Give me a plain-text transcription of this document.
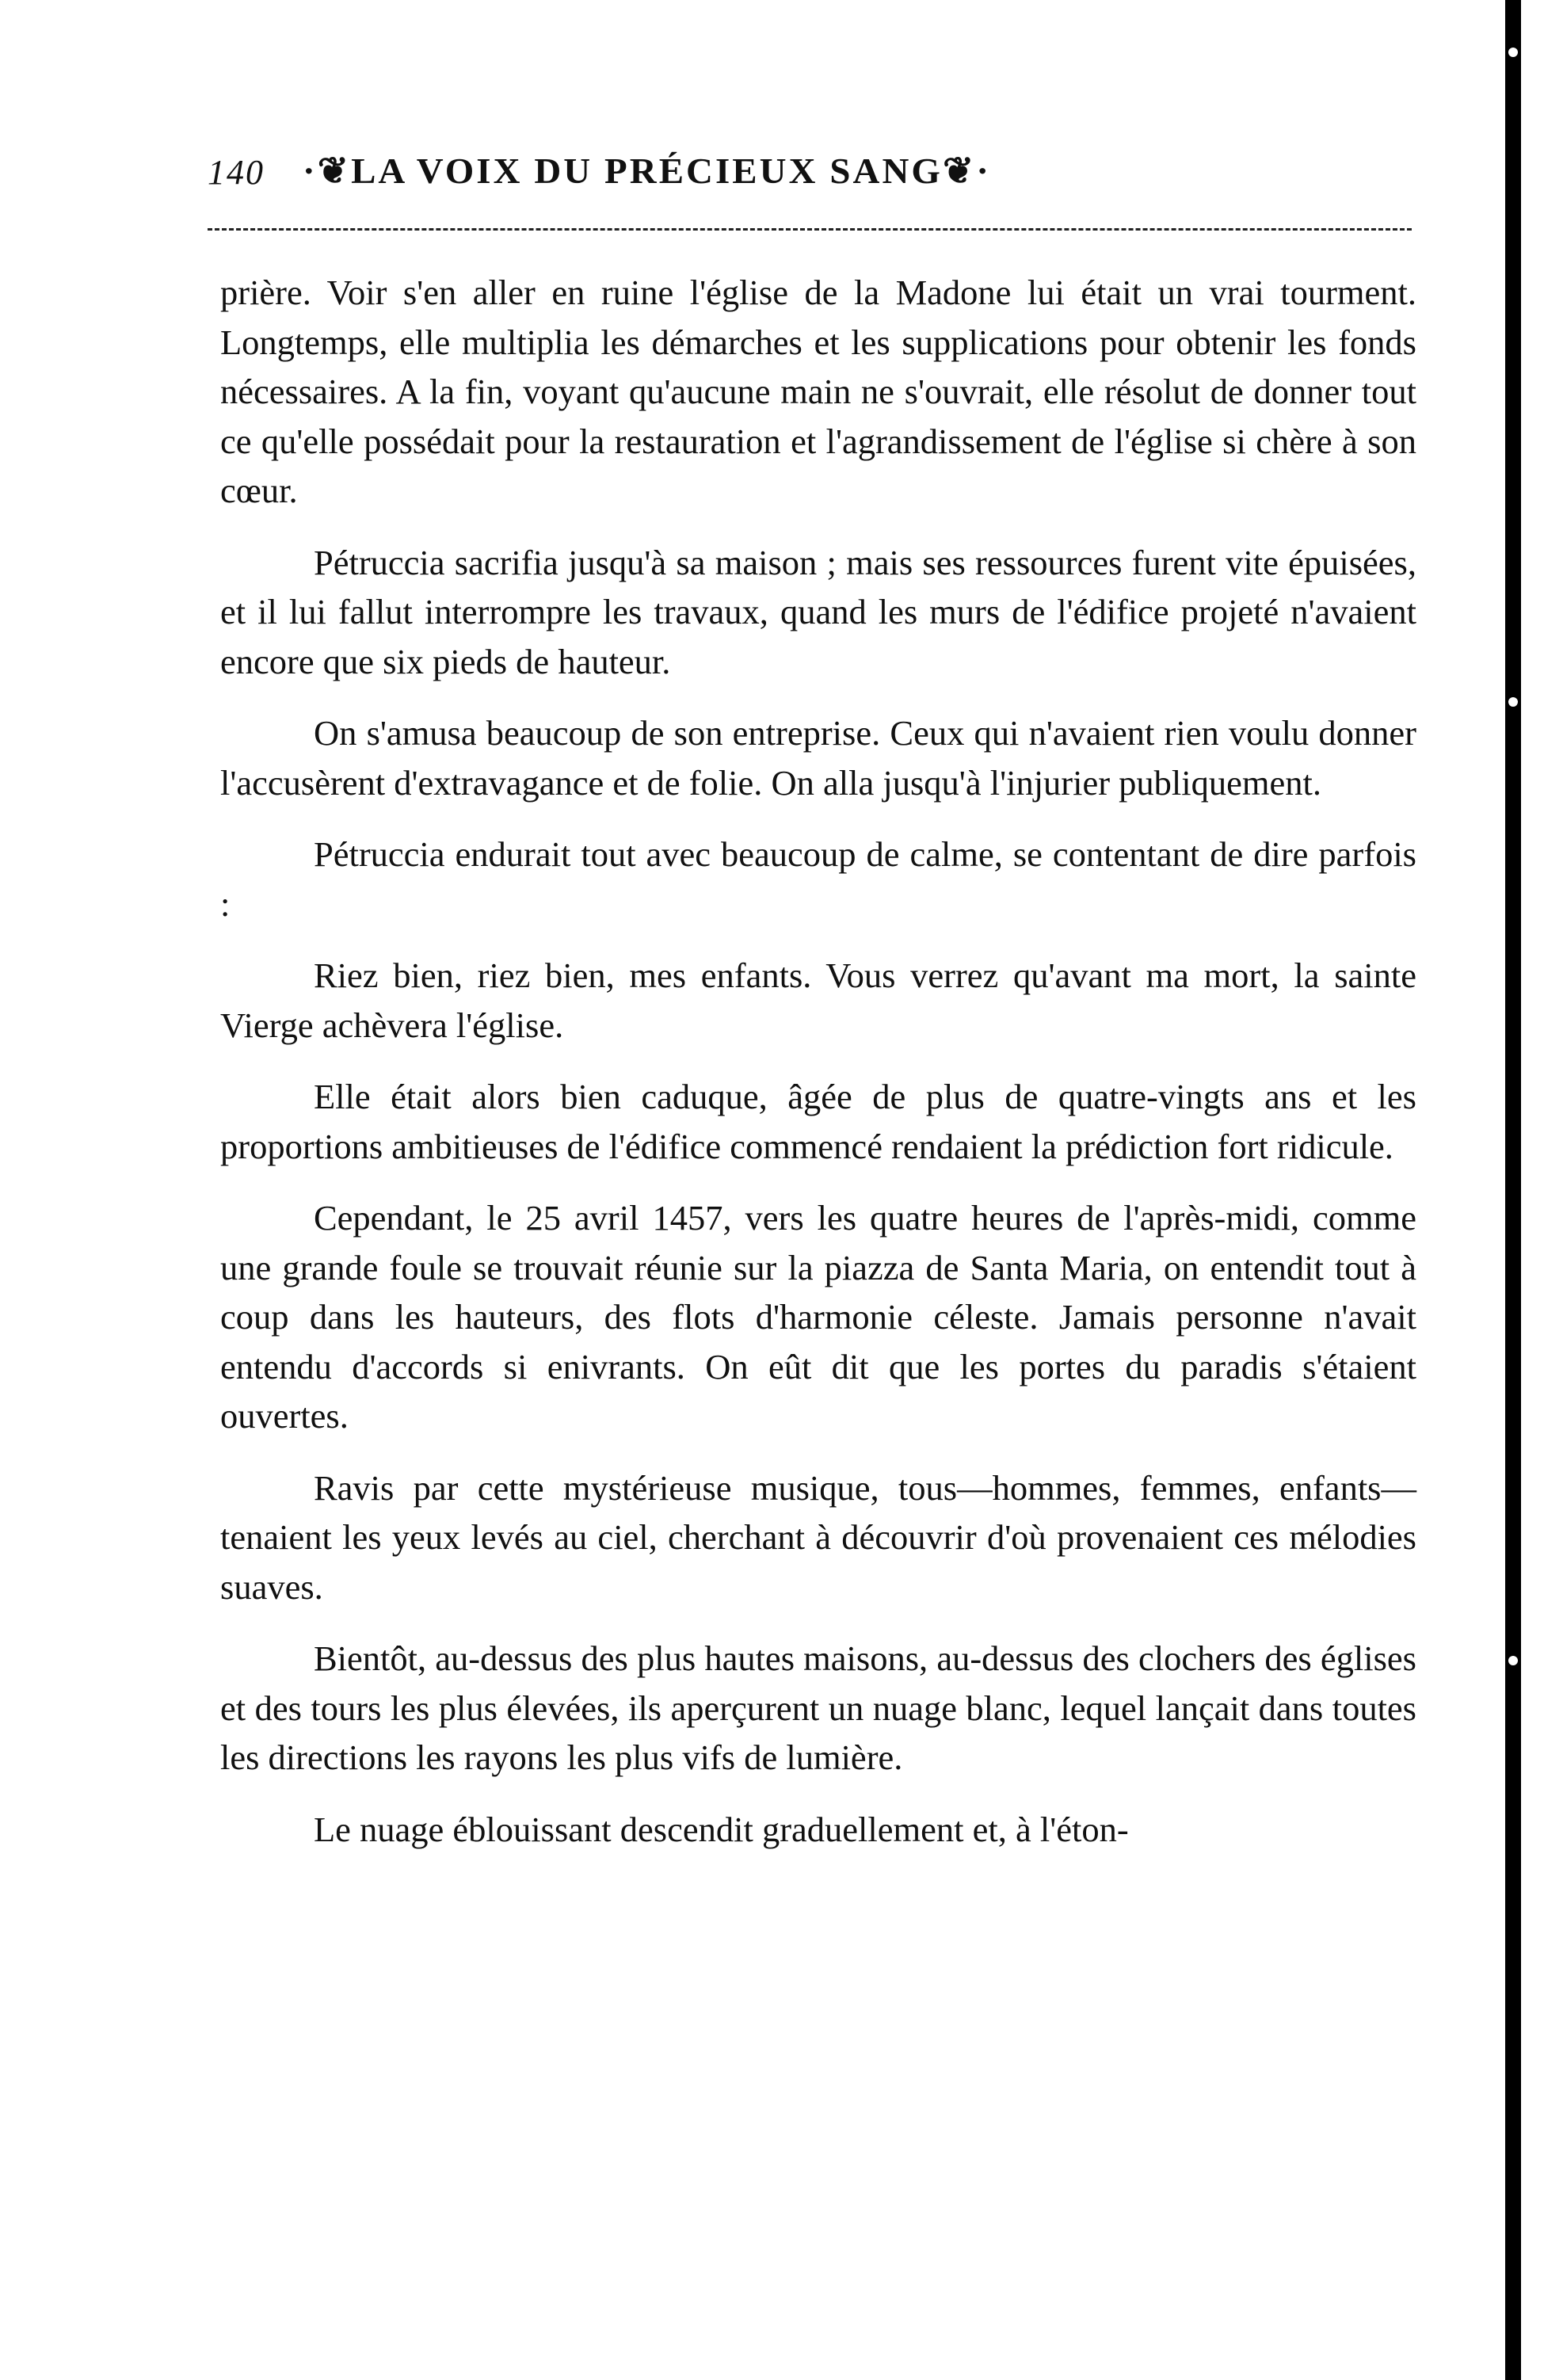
140 ·❦LA VOIX DU PRÉCIEUX SANG❦·

prière. Voir s'en aller en ruine l'église de la Madone lui était un vrai tourment. Longtemps, elle multiplia les démarches et les supplications pour obtenir les fonds nécessaires. A la fin, voyant qu'aucune main ne s'ouvrait, elle résolut de donner tout ce qu'elle possédait pour la restauration et l'agrandissement de l'église si chère à son cœur.

Pétruccia sacrifia jusqu'à sa maison ; mais ses ressources furent vite épuisées, et il lui fallut interrompre les travaux, quand les murs de l'édifice projeté n'avaient encore que six pieds de hauteur.

On s'amusa beaucoup de son entreprise. Ceux qui n'avaient rien voulu donner l'accusèrent d'extravagance et de folie. On alla jusqu'à l'injurier publiquement.

Pétruccia endurait tout avec beaucoup de calme, se contentant de dire parfois :

Riez bien, riez bien, mes enfants. Vous verrez qu'avant ma mort, la sainte Vierge achèvera l'église.

Elle était alors bien caduque, âgée de plus de quatre-vingts ans et les proportions ambitieuses de l'édifice commencé rendaient la prédiction fort ridicule.

Cependant, le 25 avril 1457, vers les quatre heures de l'après-midi, comme une grande foule se trouvait réunie sur la piazza de Santa Maria, on entendit tout à coup dans les hauteurs, des flots d'harmonie céleste. Jamais personne n'avait entendu d'accords si enivrants. On eût dit que les portes du paradis s'étaient ouvertes.

Ravis par cette mystérieuse musique, tous—hommes, femmes, enfants—tenaient les yeux levés au ciel, cherchant à découvrir d'où provenaient ces mélodies suaves.

Bientôt, au-dessus des plus hautes maisons, au-dessus des clochers des églises et des tours les plus élevées, ils aperçurent un nuage blanc, lequel lançait dans toutes les directions les rayons les plus vifs de lumière.

Le nuage éblouissant descendit graduellement et, à l'éton-
